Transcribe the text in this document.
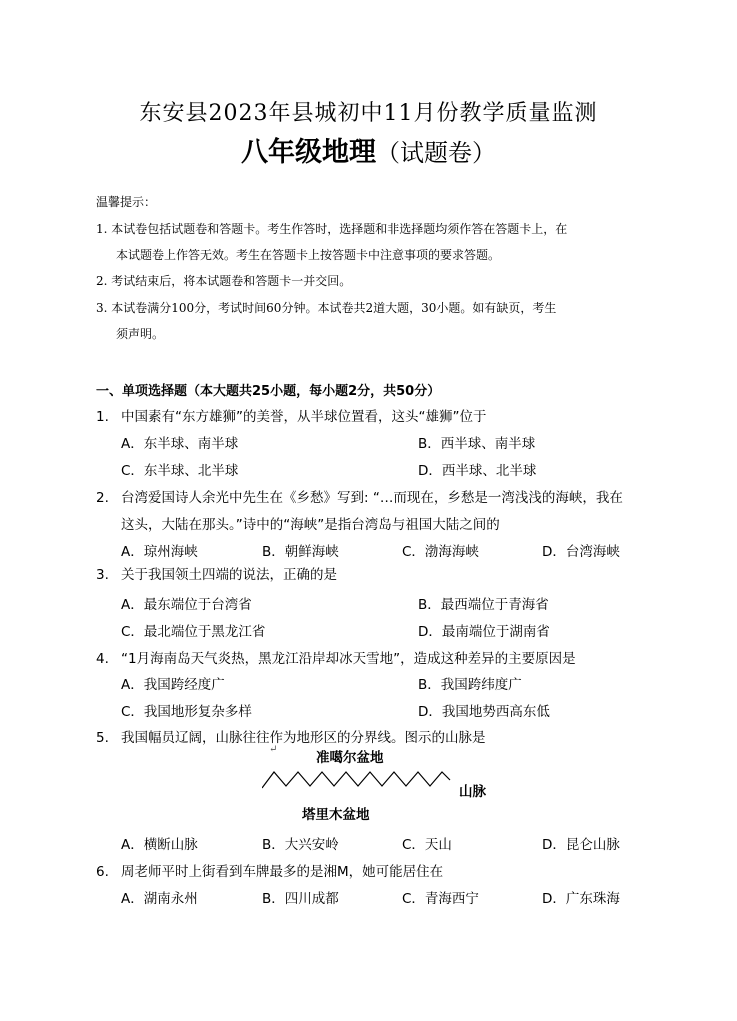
东安县2023年县城初中11月份教学质量监测
八年级地理（试题卷）
温馨提示：
1. 本试卷包括试题卷和答题卡。考生作答时，选择题和非选择题均须作答在答题卡上，在
本试题卷上作答无效。考生在答题卡上按答题卡中注意事项的要求答题。
2. 考试结束后，将本试题卷和答题卡一并交回。
3. 本试卷满分100分，考试时间60分钟。本试卷共2道大题，30小题。如有缺页，考生
须声明。
一、单项选择题（本大题共25小题，每小题2分，共50分）
1. 中国素有“东方雄狮”的美誉，从半球位置看，这头“雄狮”位于
A．东半球、南半球	B．西半球、南半球
C．东半球、北半球	D．西半球、北半球
2. 台湾爱国诗人余光中先生在《乡愁》写到: “…而现在，乡愁是一湾浅浅的海峡，我在
这头，大陆在那头。”诗中的“海峡”是指台湾岛与祖国大陆之间的
A．琼州海峡	B．朝鲜海峡	C．渤海海峡	D．台湾海峡
3. 关于我国领土四端的说法，正确的是
A．最东端位于台湾省	B．最西端位于青海省
C．最北端位于黑龙江省	D．最南端位于湖南省
4. “1月海南岛天气炎热，黑龙江沿岸却冰天雪地”，造成这种差异的主要原因是
A．我国跨经度广	B．我国跨纬度广
C．我国地形复杂多样	D．我国地势西高东低
5. 我国幅员辽阔，山脉往往作为地形区的分界线。图示的山脉是
↵
准噶尔盆地
山脉
塔里木盆地
A．横断山脉	B．大兴安岭	C．天山	D．昆仑山脉
6. 周老师平时上街看到车牌最多的是湘M，她可能居住在
A．湖南永州	B．四川成都	C．青海西宁	D．广东珠海
